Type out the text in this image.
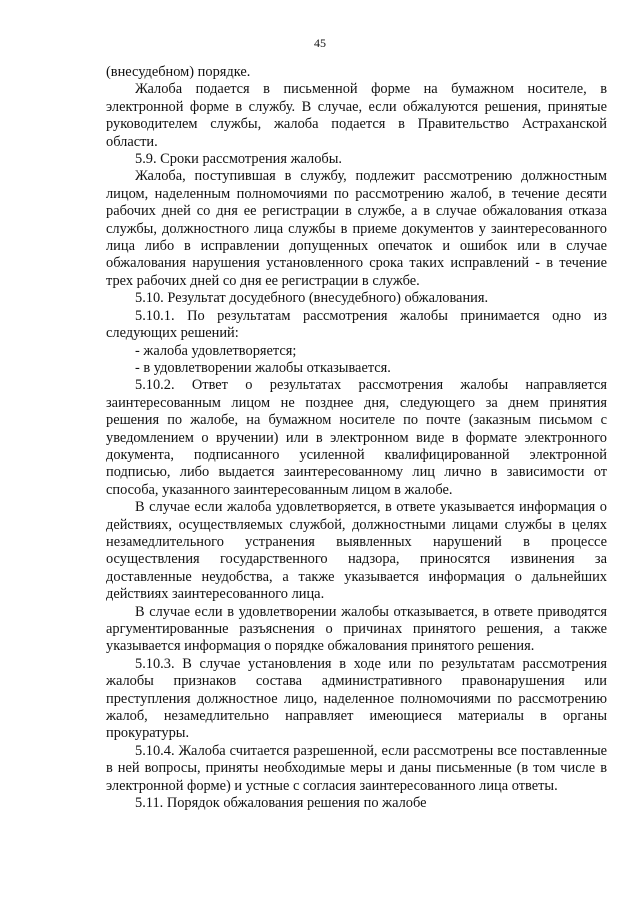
45

(внесудебном) порядке.

Жалоба подается в письменной форме на бумажном носителе, в электронной форме в службу. В случае, если обжалуются решения, принятые руководителем службы, жалоба подается в Правительство Астраханской области.

5.9. Сроки рассмотрения жалобы.

Жалоба, поступившая в службу, подлежит рассмотрению должностным лицом, наделенным полномочиями по рассмотрению жалоб, в течение десяти рабочих дней со дня ее регистрации в службе, а в случае обжалования отказа службы, должностного лица службы в приеме документов у заинтересованного лица либо в исправлении допущенных опечаток и ошибок или в случае обжалования нарушения установленного срока таких исправлений - в течение трех рабочих дней со дня ее регистрации в службе.

5.10. Результат досудебного (внесудебного) обжалования.

5.10.1. По результатам рассмотрения жалобы принимается одно из следующих решений:

- жалоба удовлетворяется;

- в удовлетворении жалобы отказывается.

5.10.2. Ответ о результатах рассмотрения жалобы направляется заинтересованным лицом не позднее дня, следующего за днем принятия решения по жалобе, на бумажном носителе по почте (заказным письмом с уведомлением о вручении) или в электронном виде в формате электронного документа, подписанного усиленной квалифицированной электронной подписью, либо выдается заинтересованному лиц лично в зависимости от способа, указанного заинтересованным лицом в жалобе.

В случае если жалоба удовлетворяется, в ответе указывается информация о действиях, осуществляемых службой, должностными лицами службы в целях незамедлительного устранения выявленных нарушений в процессе осуществления государственного надзора, приносятся извинения за доставленные неудобства, а также указывается информация о дальнейших действиях заинтересованного лица.

В случае если в удовлетворении жалобы отказывается, в ответе приводятся аргументированные разъяснения о причинах принятого решения, а также указывается информация о порядке обжалования принятого решения.

5.10.3. В случае установления в ходе или по результатам рассмотрения жалобы признаков состава административного правонарушения или преступления должностное лицо, наделенное полномочиями по рассмотрению жалоб, незамедлительно направляет имеющиеся материалы в органы прокуратуры.

5.10.4. Жалоба считается разрешенной, если рассмотрены все поставленные в ней вопросы, приняты необходимые меры и даны письменные (в том числе в электронной форме) и устные с согласия заинтересованного лица ответы.

5.11. Порядок обжалования решения по жалобе
